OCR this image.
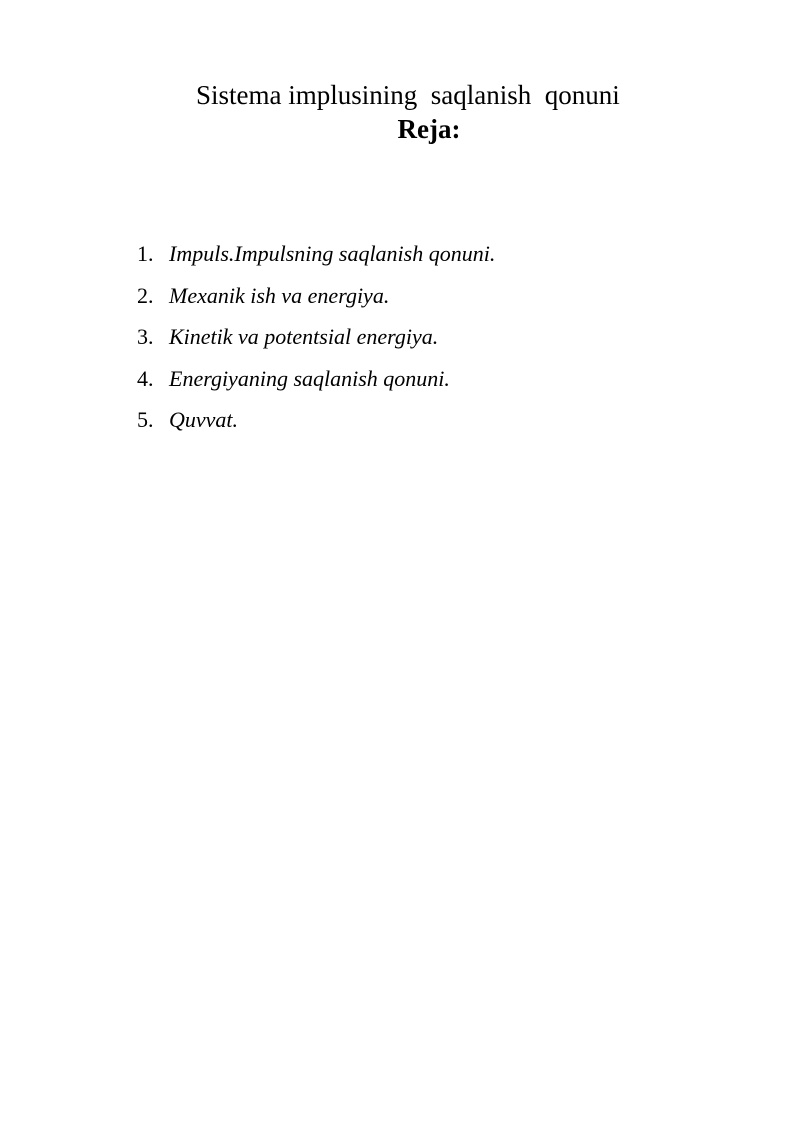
Sistema implusining  saqlanish  qonuni
Reja:
1. Impuls.Impulsning saqlanish qonuni.
2. Mexanik ish va energiya.
3. Kinetik va potentsial energiya.
4. Energiyaning saqlanish qonuni.
5. Quvvat.
